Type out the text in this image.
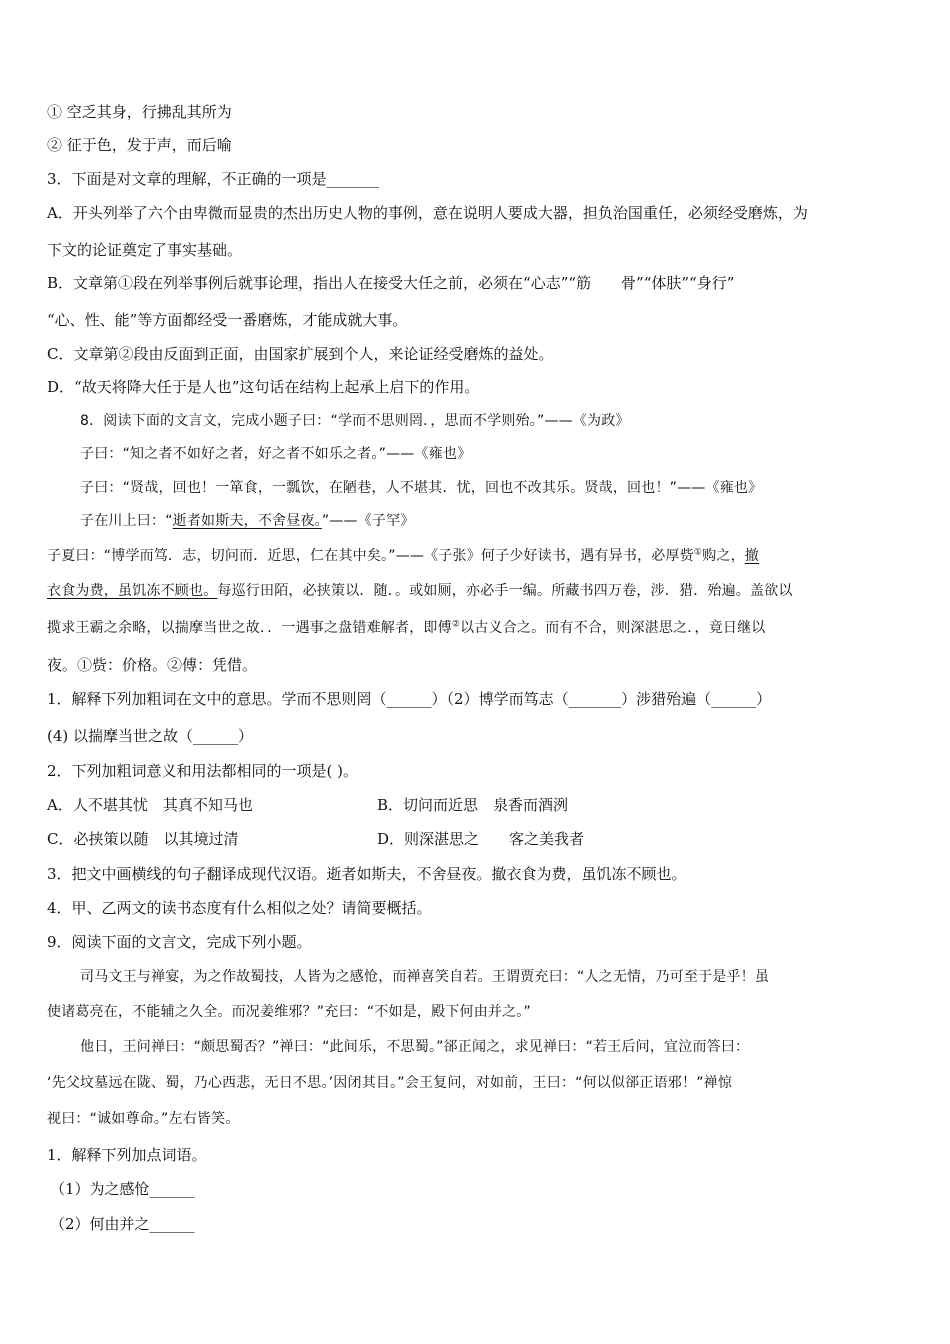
① 空乏其身，行拂乱其所为
② 征于色，发于声，而后喻
3．下面是对文章的理解，不正确的一项是_______
A．开头列举了六个由卑微而显贵的杰出历史人物的事例，意在说明人要成大器，担负治国重任，必须经受磨炼，为
下文的论证奠定了事实基础。
B．文章第①段在列举事例后就事论理，指出人在接受大任之前，必须在“心志”“筋　　骨”“体肤”“身行”
“心、性、能”等方面都经受一番磨炼，才能成就大事。
C．文章第②段由反面到正面，由国家扩展到个人，来论证经受磨炼的益处。
D．“故天将降大任于是人也”这句话在结构上起承上启下的作用。
8．阅读下面的文言文，完成小题子曰：“学而不思则罔．，思而不学则殆。”——《为政》
子曰：“知之者不如好之者，好之者不如乐之者。”——《雍也》
子曰：“贤哉，回也！一箪食，一瓢饮，在陋巷，人不堪其．忧，回也不改其乐。贤哉，回也！”——《雍也》
子在川上曰：“逝者如斯夫，不舍昼夜。”——《子罕》
子夏曰：“博学而笃．志，切问而．近思，仁在其中矣。”——《子张》何子少好读书，遇有异书，必厚赀①购之，撤
衣食为费，虽饥冻不顾也。每巡行田陌，必挟策以．随．。或如厕，亦必手一编。所藏书四万卷，涉．猎．殆遍。盖欲以
揽求王霸之余略，以揣摩当世之故．．一遇事之盘错难解者，即傅②以古义合之。而有不合，则深湛思之．，竟日继以
夜。①赀：价格。②傅：凭借。
1．解释下列加粗词在文中的意思。学而不思则罔（______）（2）博学而笃志（_______）涉猎殆遍（______）
(4) 以揣摩当世之故（______）
2．下列加粗词意义和用法都相同的一项是( )。
A．人不堪其忧　其真不知马也	B．切问而近思　泉香而酒洌
C．必挟策以随　以其境过清	D．则深湛思之　　客之美我者
3．把文中画横线的句子翻译成现代汉语。逝者如斯夫，不舍昼夜。撤衣食为费，虽饥冻不顾也。
4．甲、乙两文的读书态度有什么相似之处？请简要概括。
9．阅读下面的文言文，完成下列小题。
司马文王与禅宴，为之作故蜀技，人皆为之感怆，而禅喜笑自若。王谓贾充曰：“人之无情，乃可至于是乎！虽
使诸葛亮在，不能辅之久全。而况姜维邪？”充曰：“不如是，殿下何由并之。”
他日，王问禅曰：“颇思蜀否？”禅曰：“此间乐，不思蜀。”郤正闻之，求见禅曰：“若王后问，宜泣而答曰：
‘先父坟墓远在陇、蜀，乃心西悲，无日不思。’因闭其目。”会王复问，对如前，王曰：“何以似郤正语邪！”禅惊
视曰：“诚如尊命。”左右皆笑。
1．解释下列加点词语。
（1）为之感怆______
（2）何由并之______
